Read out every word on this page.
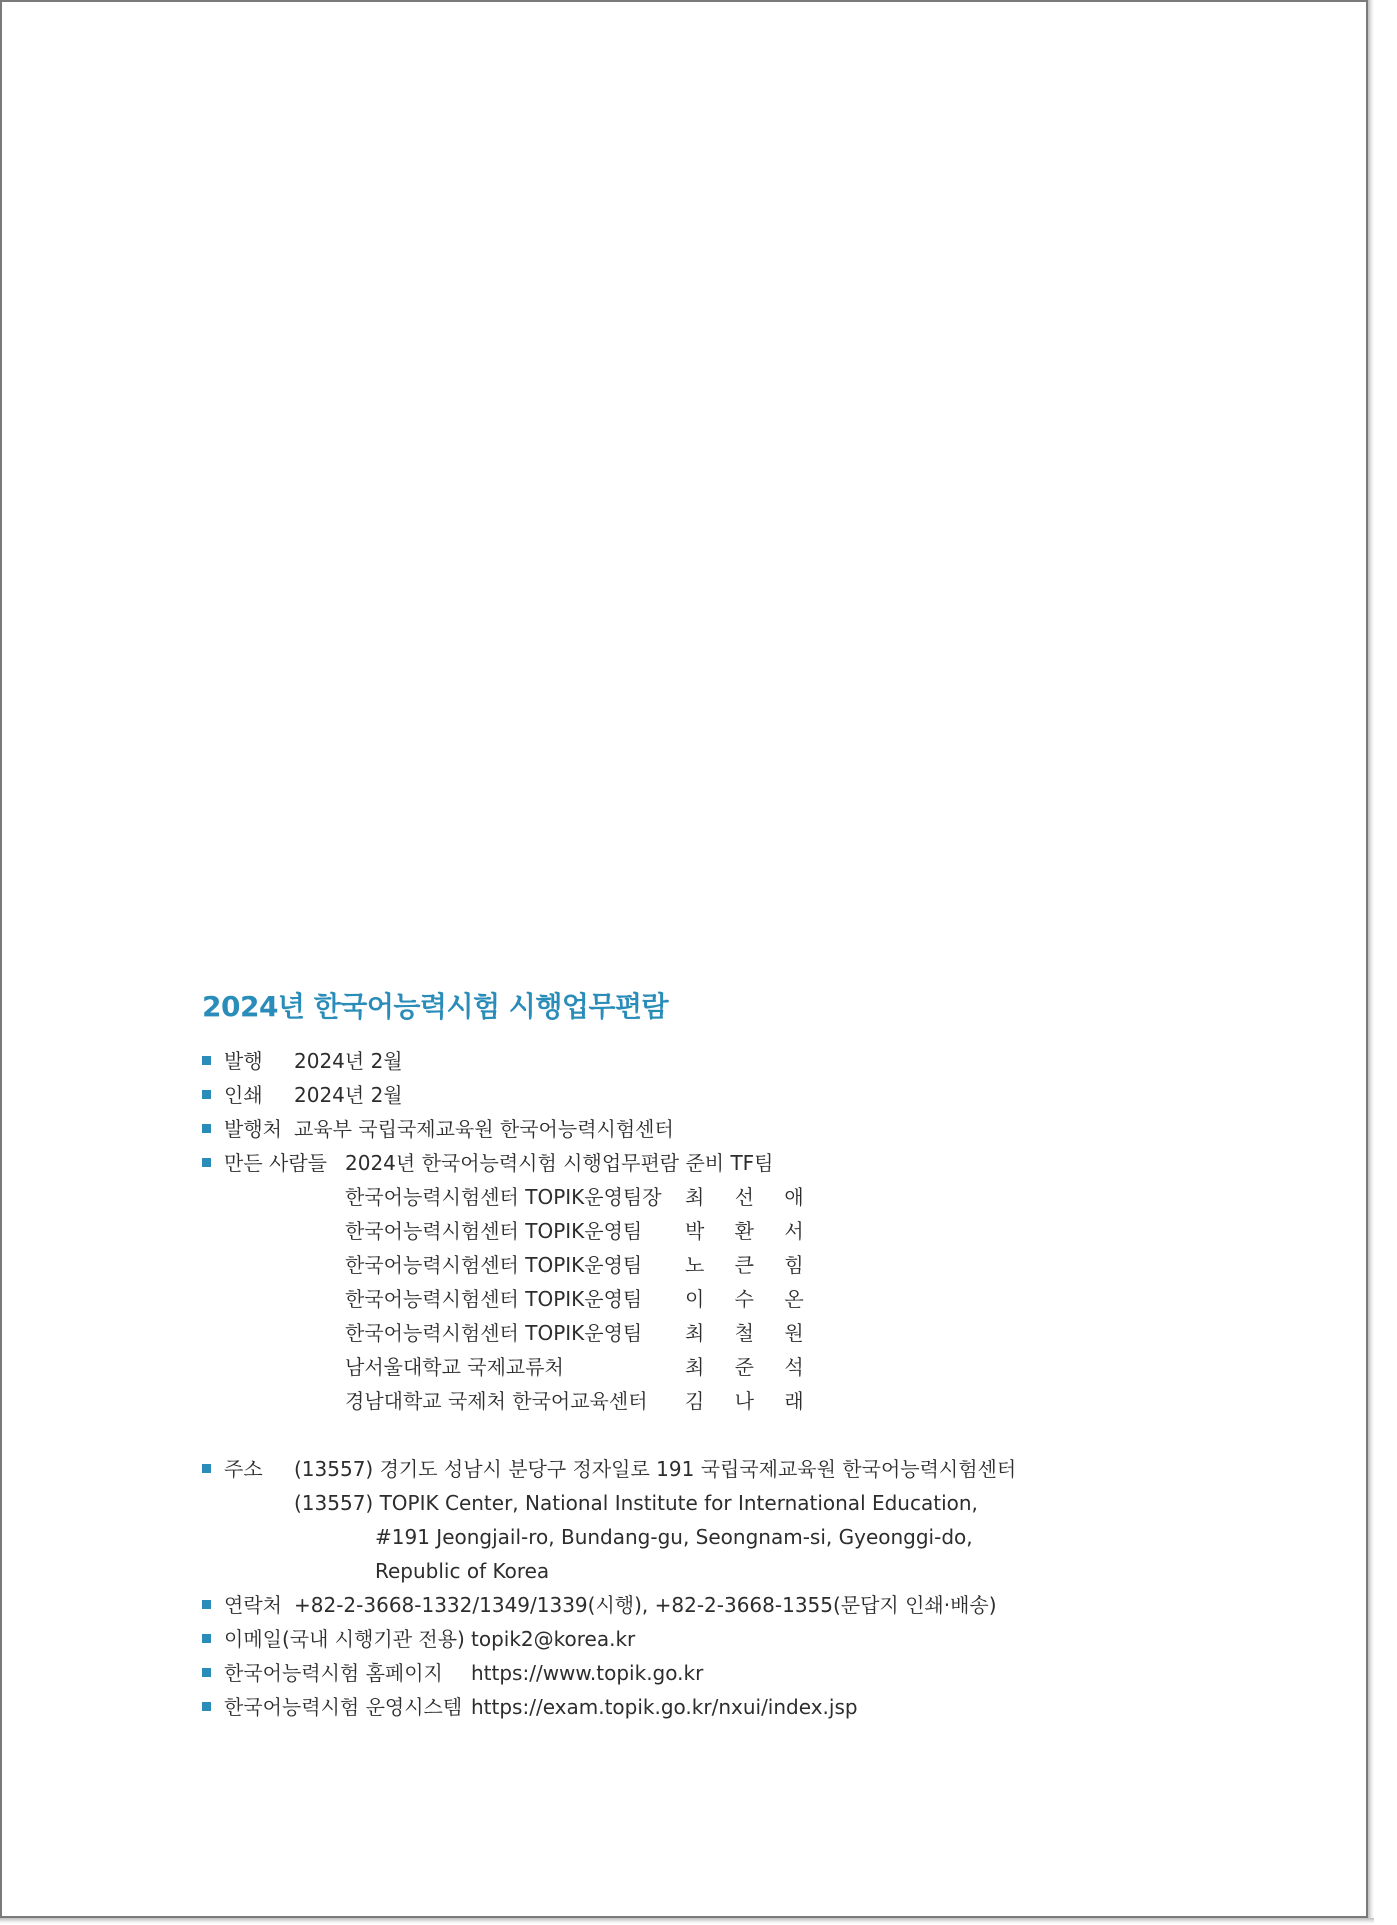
2024년 한국어능력시험 시행업무편람
발행 2024년 2월
인쇄 2024년 2월
발행처 교육부 국립국제교육원 한국어능력시험센터
만든 사람들 2024년 한국어능력시험 시행업무편람 준비 TF팀
한국어능력시험센터 TOPIK운영팀장 최 선 애
한국어능력시험센터 TOPIK운영팀 박 환 서
한국어능력시험센터 TOPIK운영팀 노 큰 힘
한국어능력시험센터 TOPIK운영팀 이 수 온
한국어능력시험센터 TOPIK운영팀 최 철 원
남서울대학교 국제교류처	최 준 석
경남대학교 국제처 한국어교육센터 김 나 래
주소 (13557) 경기도 성남시 분당구 정자일로 191 국립국제교육원 한국어능력시험센터
(13557) TOPIK Center, National Institute for International Education,
#191 Jeongjail-ro, Bundang-gu, Seongnam-si, Gyeonggi-do,
Republic of Korea
연락처 +82-2-3668-1332/1349/1339(시행), +82-2-3668-1355(문답지 인쇄·배송)
이메일(국내 시행기관 전용) topik2@korea.kr
한국어능력시험 홈페이지 https://www.topik.go.kr
한국어능력시험 운영시스템 https://exam.topik.go.kr/nxui/index.jsp
